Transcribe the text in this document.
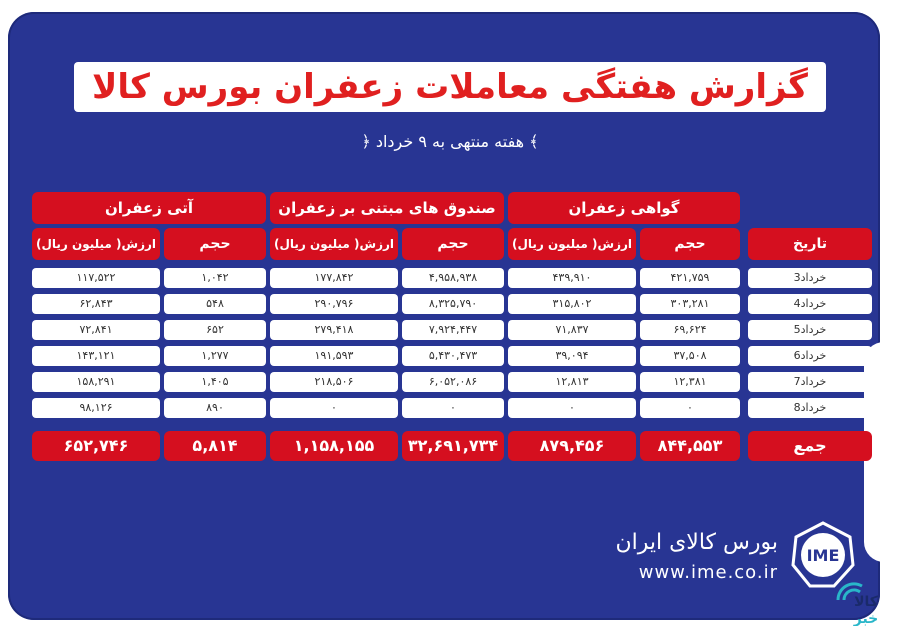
گزارش هفتگی معاملات زعفران بورس کالا
﴿ هفته منتهی به ۹ خرداد ﴾
گواهی زعفران
صندوق های مبتنی بر زعفران
آتی زعفران
تاریخ
حجم
ارزش( میلیون ریال)
حجم
ارزش( میلیون ریال)
حجم
ارزش( میلیون ریال)
3خرداد
۴۲۱,۷۵۹
۴۳۹,۹۱۰
۴,۹۵۸,۹۳۸
۱۷۷,۸۴۲
۱,۰۴۲
۱۱۷,۵۲۲
4خرداد
۳۰۳,۲۸۱
۳۱۵,۸۰۲
۸,۳۲۵,۷۹۰
۲۹۰,۷۹۶
۵۴۸
۶۲,۸۴۳
5خرداد
۶۹,۶۲۴
۷۱,۸۳۷
۷,۹۲۴,۴۴۷
۲۷۹,۴۱۸
۶۵۲
۷۲,۸۴۱
6خرداد
۳۷,۵۰۸
۳۹,۰۹۴
۵,۴۳۰,۴۷۳
۱۹۱,۵۹۳
۱,۲۷۷
۱۴۳,۱۲۱
7خرداد
۱۲,۳۸۱
۱۲,۸۱۳
۶,۰۵۲,۰۸۶
۲۱۸,۵۰۶
۱,۴۰۵
۱۵۸,۲۹۱
8خرداد
۰
۰
۰
۰
۸۹۰
۹۸,۱۲۶
جمع
۸۴۴,۵۵۳
۸۷۹,۴۵۶
۳۲,۶۹۱,۷۳۴
۱,۱۵۸,۱۵۵
۵,۸۱۴
۶۵۲,۷۴۶
بورس کالای ایران
www.ime.co.ir
IME
کالا
خبر
